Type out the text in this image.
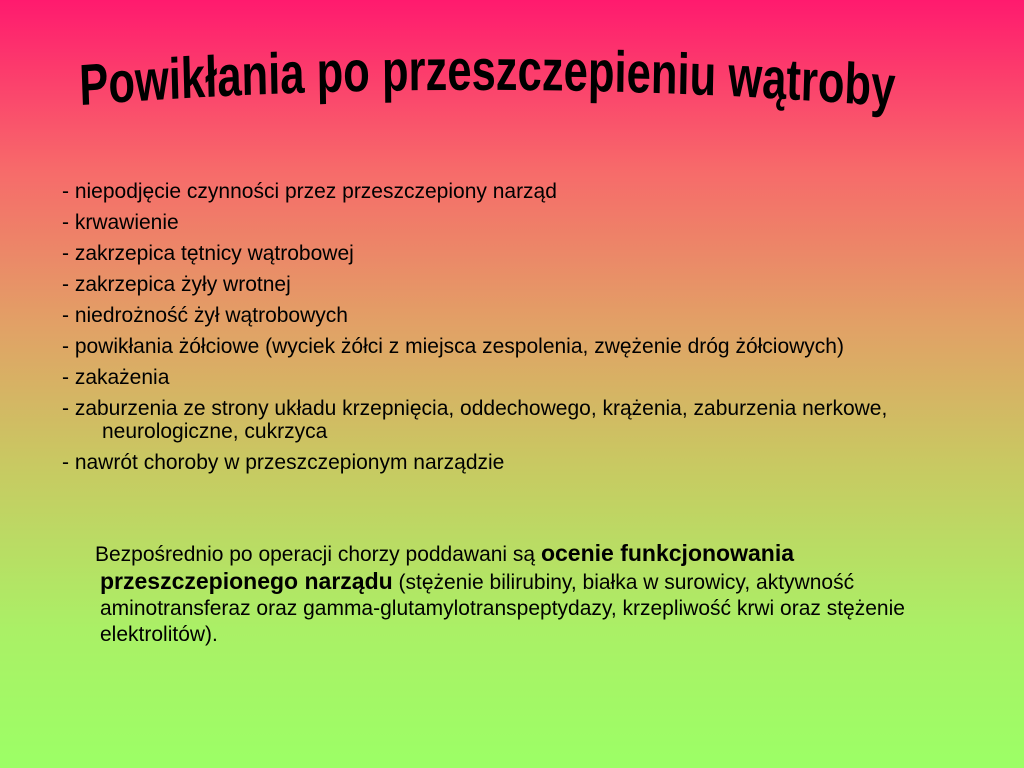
Powikłania po przeszczepieniu wątroby
- niepodjęcie czynności przez przeszczepiony narząd
- krwawienie
- zakrzepica tętnicy wątrobowej
- zakrzepica żyły wrotnej
- niedrożność żył wątrobowych
- powikłania żółciowe (wyciek żółci z miejsca zespolenia, zwężenie dróg żółciowych)
- zakażenia
- zaburzenia ze strony układu krzepnięcia, oddechowego, krążenia, zaburzenia nerkowe, neurologiczne, cukrzyca
- nawrót choroby w przeszczepionym narządzie

Bezpośrednio po operacji chorzy poddawani są ocenie funkcjonowania przeszczepionego narządu (stężenie bilirubiny, białka w surowicy, aktywność aminotransferaz oraz gamma-glutamylotranspeptydazy, krzepliwość krwi oraz stężenie elektrolitów).
